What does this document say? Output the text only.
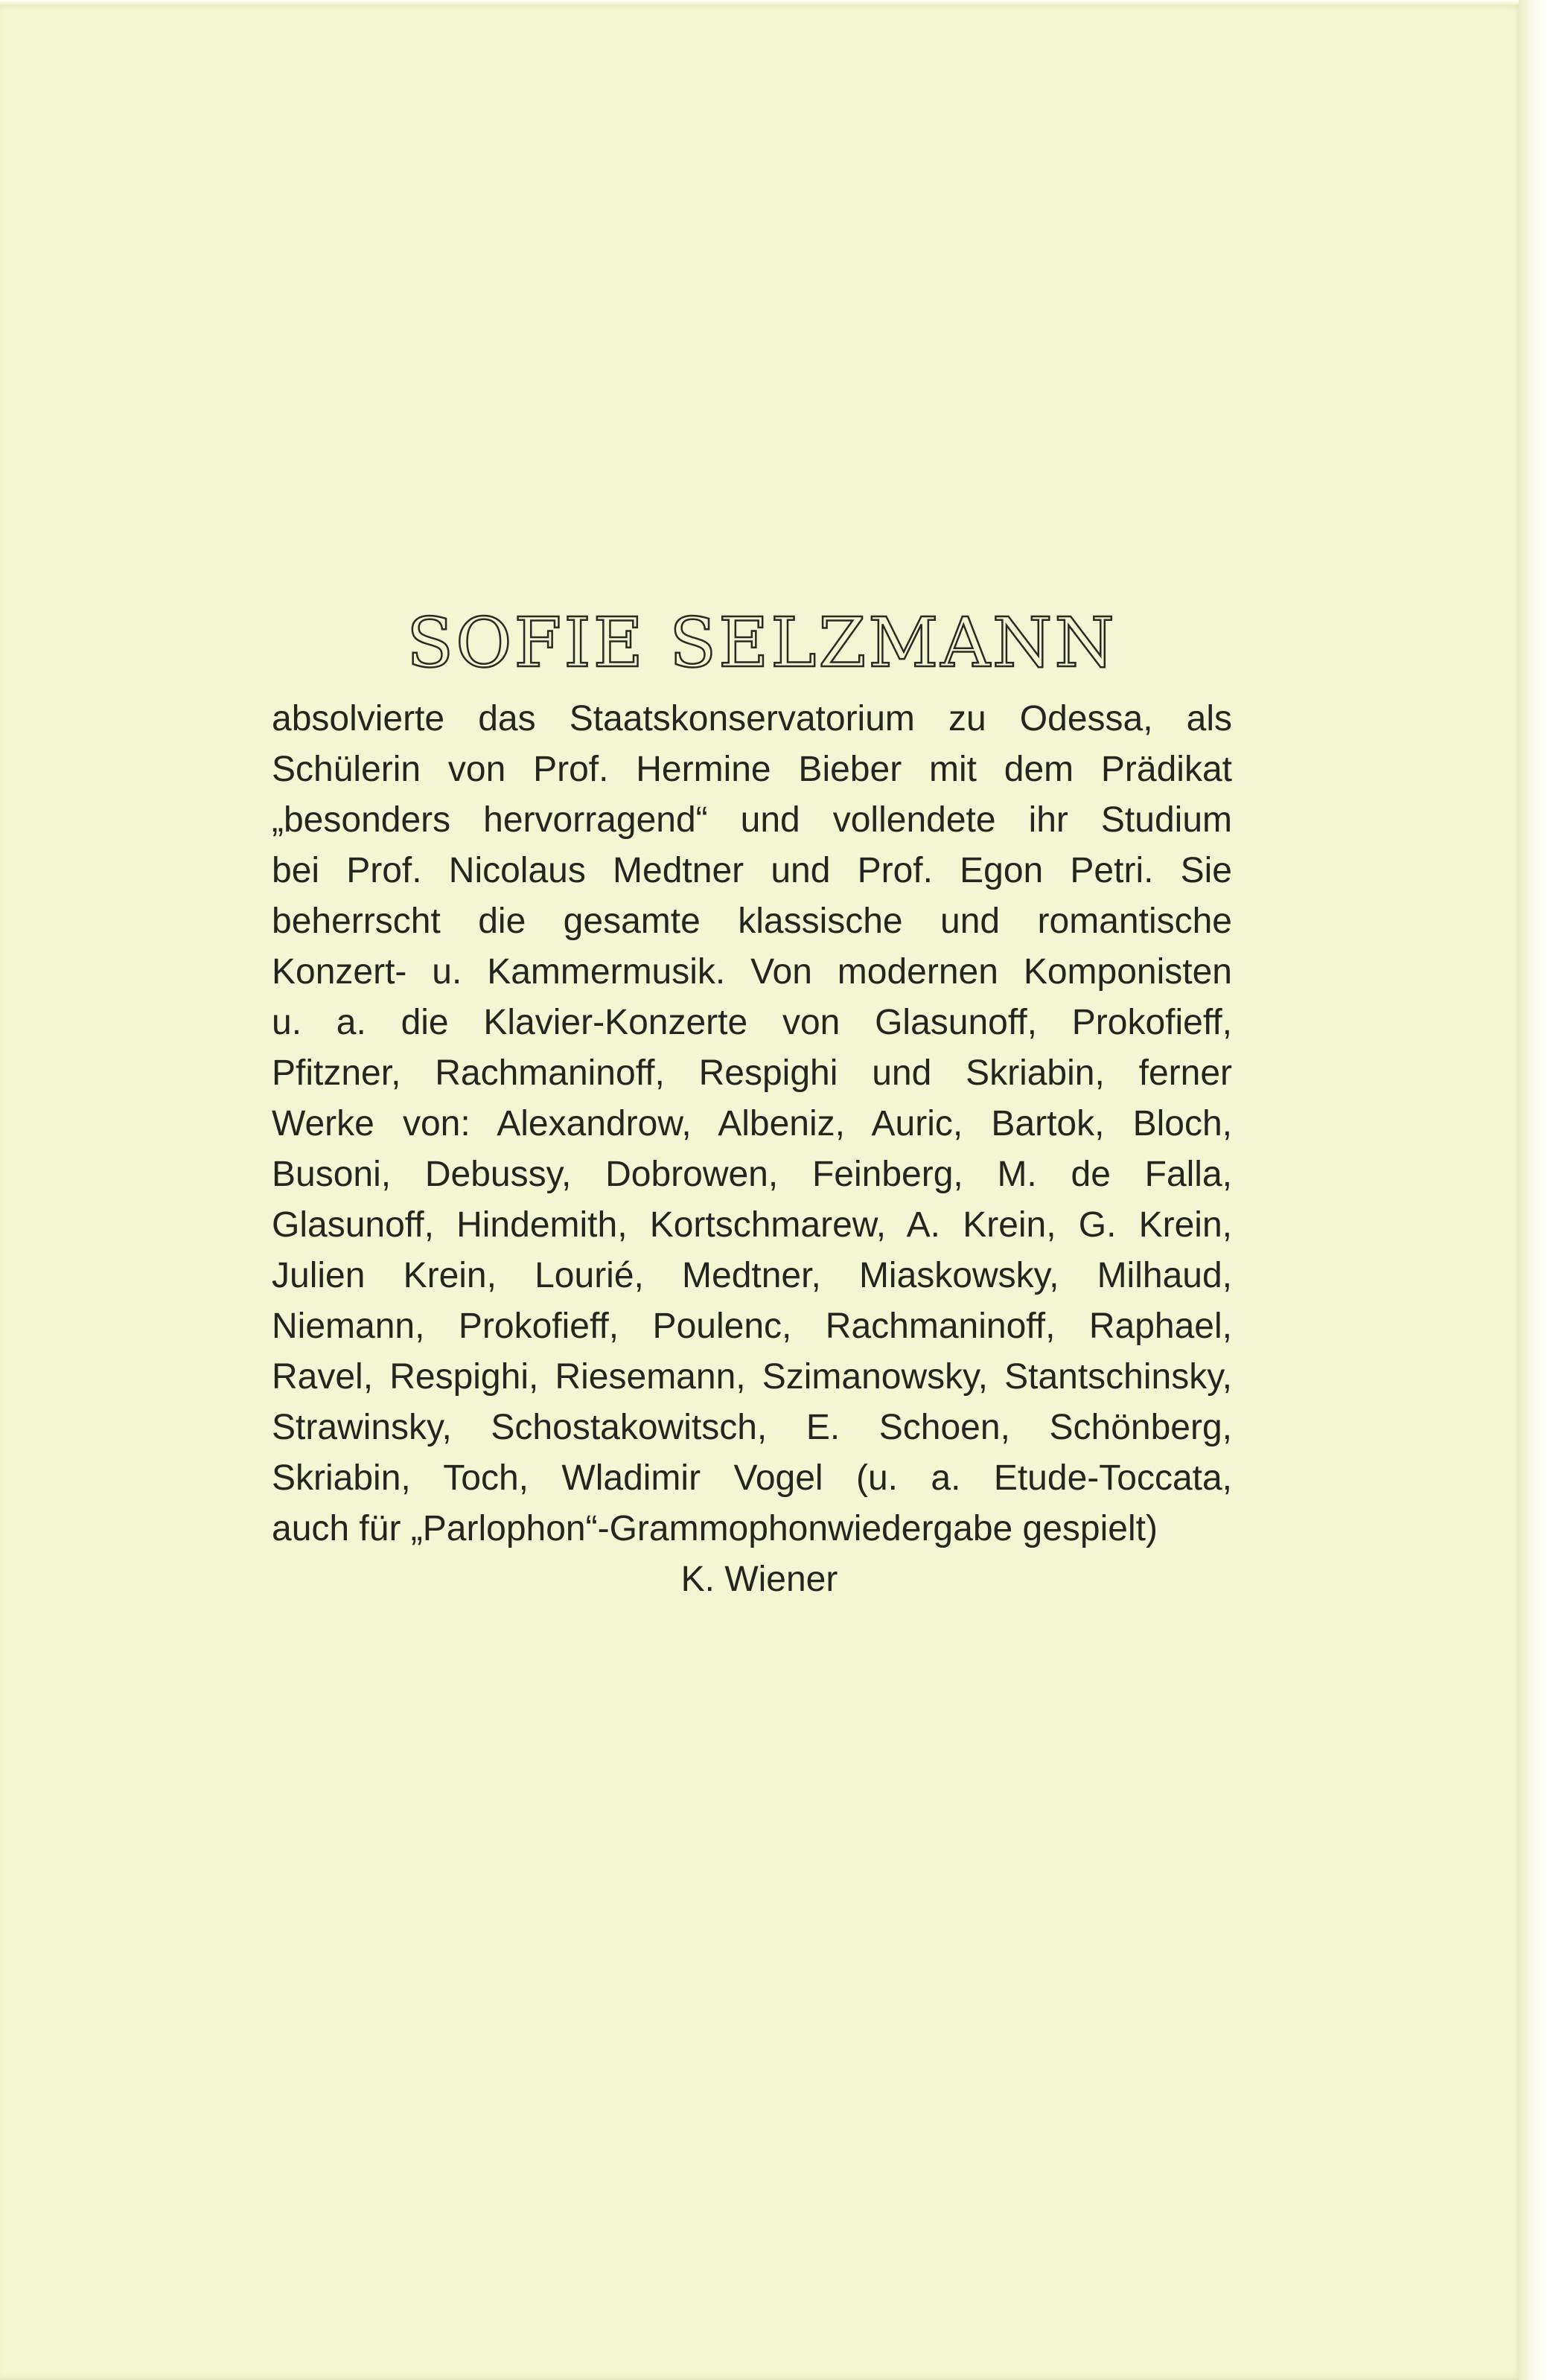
SOFIE SELZMANN
absolvierte das Staatskonservatorium zu Odessa, als
Schülerin von Prof. Hermine Bieber mit dem Prädikat
„besonders hervorragend“ und vollendete ihr Studium
bei Prof. Nicolaus Medtner und Prof. Egon Petri. Sie
beherrscht die gesamte klassische und romantische
Konzert- u. Kammermusik. Von modernen Komponisten
u. a. die Klavier-Konzerte von Glasunoff, Prokofieff,
Pfitzner, Rachmaninoff, Respighi und Skriabin, ferner
Werke von: Alexandrow, Albeniz, Auric, Bartok, Bloch,
Busoni, Debussy, Dobrowen, Feinberg, M. de Falla,
Glasunoff, Hindemith, Kortschmarew, A. Krein, G. Krein,
Julien Krein, Lourié, Medtner, Miaskowsky, Milhaud,
Niemann, Prokofieff, Poulenc, Rachmaninoff, Raphael,
Ravel, Respighi, Riesemann, Szimanowsky, Stantschinsky,
Strawinsky, Schostakowitsch, E. Schoen, Schönberg,
Skriabin, Toch, Wladimir Vogel (u. a. Etude-Toccata,
auch für „Parlophon“-Grammophonwiedergabe gespielt)
K. Wiener
